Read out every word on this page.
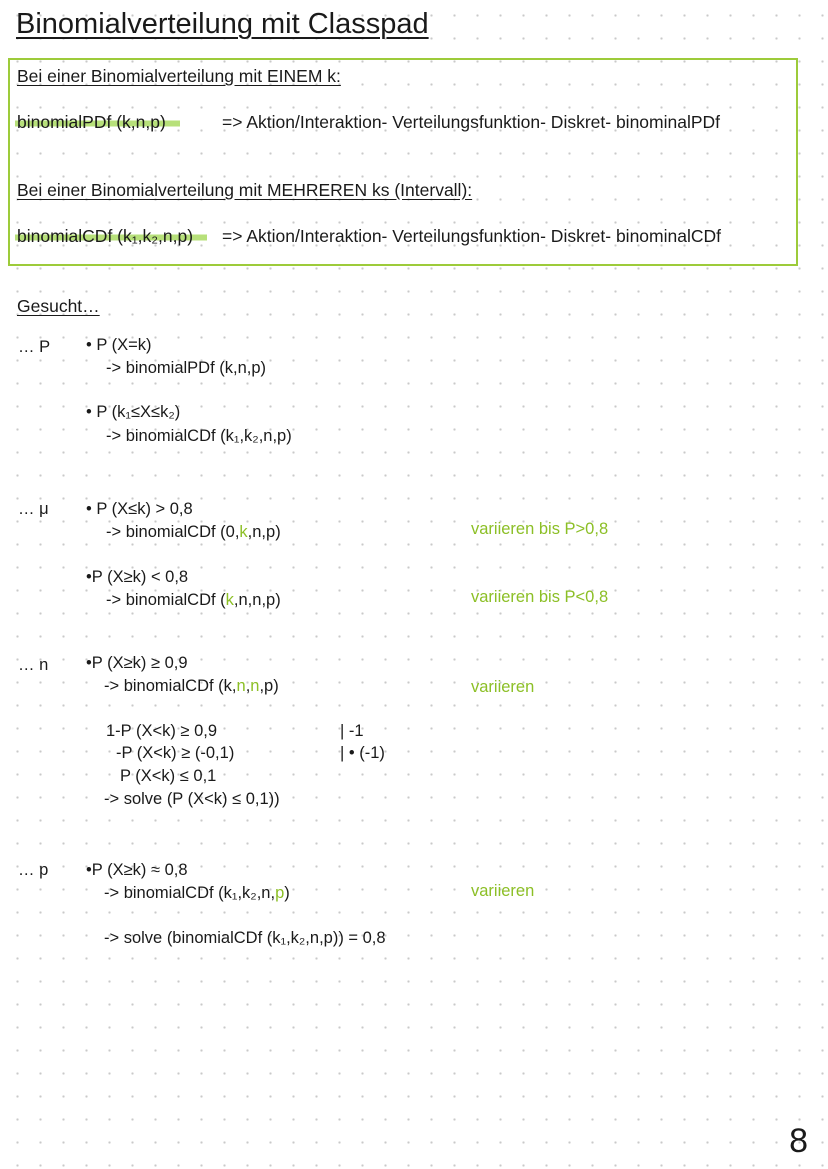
Binomialverteilung mit Classpad
Bei einer Binomialverteilung mit EINEM k:
binomialPDf (k,n,p)	=> Aktion/Interaktion- Verteilungsfunktion- Diskret- binominalPDf
Bei einer Binomialverteilung mit MEHREREN ks (Intervall):
binomialCDf (k₁,k₂,n,p)	=> Aktion/Interaktion- Verteilungsfunktion- Diskret- binominalCDf
Gesucht…
… P • P (X=k)
-> binomialPDf (k,n,p)
• P (k₁≤X≤k₂)
-> binomialCDf (k₁,k₂,n,p)
… μ • P (X≤k) > 0,8
-> binomialCDf (0,k,n,p)	variieren bis P>0,8
•P (X≥k) < 0,8
-> binomialCDf (k,n,n,p)	variieren bis P<0,8
… n •P (X≥k) ≥ 0,9
-> binomialCDf (k,n,n,p)	variieren
1-P (X<k) ≥ 0,9	| -1
-P (X<k) ≥ (-0,1)	| • (-1)
P (X<k) ≤ 0,1
-> solve (P (X<k) ≤ 0,1))
… p •P (X≥k) ≈ 0,8
-> binomialCDf (k₁,k₂,n,p)	variieren
-> solve (binomialCDf (k₁,k₂,n,p)) = 0,8
8
